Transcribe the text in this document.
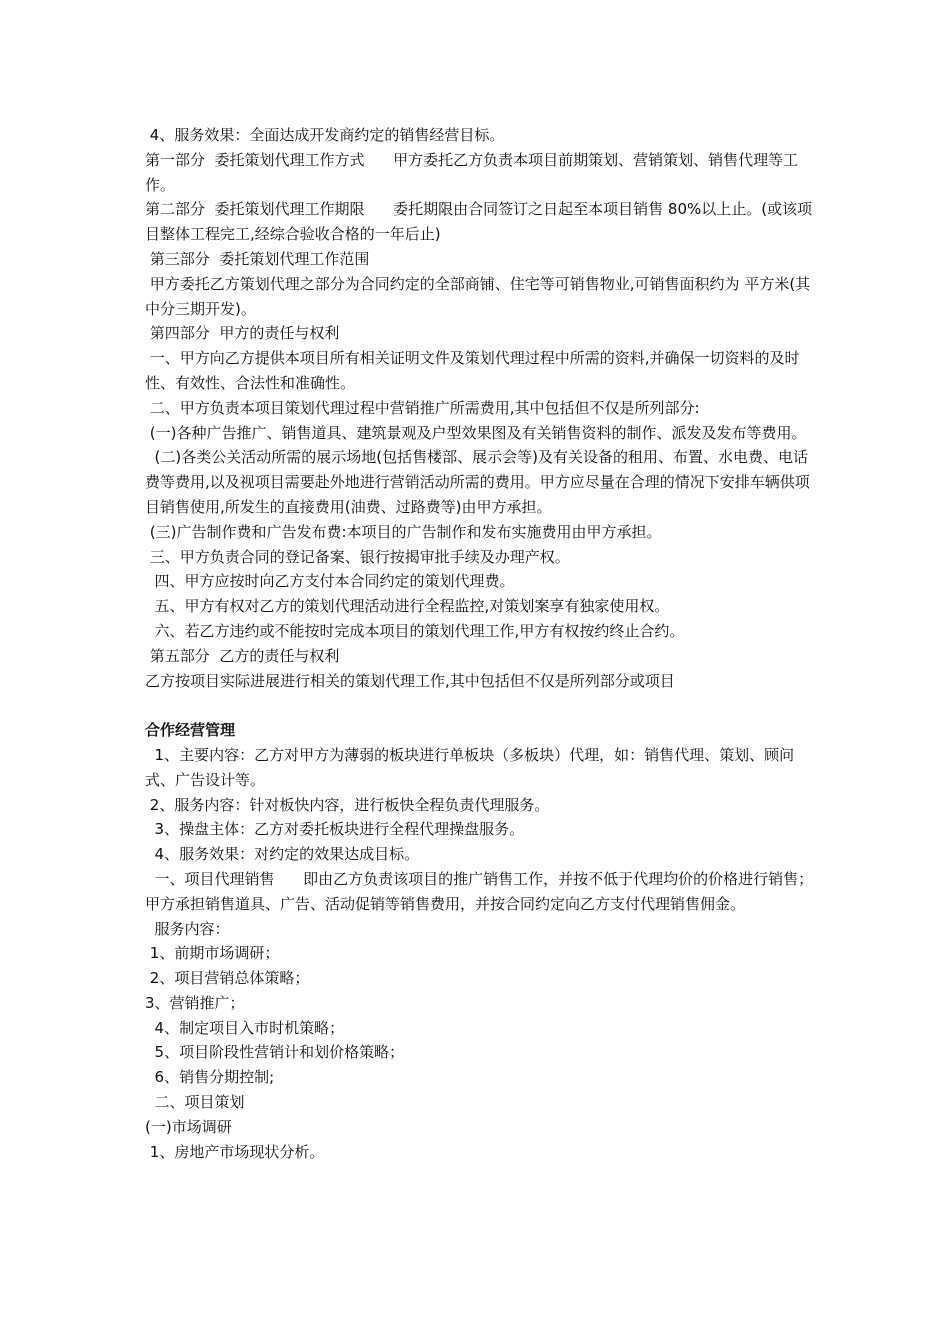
4、服务效果：全面达成开发商约定的销售经营目标。

第一部分  委托策划代理工作方式      甲方委托乙方负责本项目前期策划、营销策划、销售代理等工作。

第二部分  委托策划代理工作期限      委托期限由合同签订之日起至本项目销售 80%以上止。(或该项目整体工程完工,经综合验收合格的一年后止)

第三部分  委托策划代理工作范围

甲方委托乙方策划代理之部分为合同约定的全部商铺、住宅等可销售物业,可销售面积约为 平方米(其中分三期开发)。

第四部分  甲方的责任与权利

一、甲方向乙方提供本项目所有相关证明文件及策划代理过程中所需的资料,并确保一切资料的及时性、有效性、合法性和准确性。

二、甲方负责本项目策划代理过程中营销推广所需费用,其中包括但不仅是所列部分:

(一)各种广告推广、销售道具、建筑景观及户型效果图及有关销售资料的制作、派发及发布等费用。

(二)各类公关活动所需的展示场地(包括售楼部、展示会等)及有关设备的租用、布置、水电费、电话费等费用,以及视项目需要赴外地进行营销活动所需的费用。甲方应尽量在合理的情况下安排车辆供项目销售使用,所发生的直接费用(油费、过路费等)由甲方承担。

(三)广告制作费和广告发布费:本项目的广告制作和发布实施费用由甲方承担。

三、甲方负责合同的登记备案、银行按揭审批手续及办理产权。

四、甲方应按时向乙方支付本合同约定的策划代理费。

五、甲方有权对乙方的策划代理活动进行全程监控,对策划案享有独家使用权。

六、若乙方违约或不能按时完成本项目的策划代理工作,甲方有权按约终止合约。

第五部分  乙方的责任与权利

乙方按项目实际进展进行相关的策划代理工作,其中包括但不仅是所列部分或项目

合作经营管理

1、主要内容：乙方对甲方为薄弱的板块进行单板块（多板块）代理，如：销售代理、策划、顾问式、广告设计等。

2、服务内容：针对板快内容，进行板快全程负责代理服务。

3、操盘主体：乙方对委托板块进行全程代理操盘服务。

4、服务效果：对约定的效果达成目标。

一、项目代理销售      即由乙方负责该项目的推广销售工作，并按不低于代理均价的价格进行销售；甲方承担销售道具、广告、活动促销等销售费用，并按合同约定向乙方支付代理销售佣金。

服务内容：

1、前期市场调研；

2、项目营销总体策略；

3、营销推广；

4、制定项目入市时机策略；

5、项目阶段性营销计和划价格策略；

6、销售分期控制;

二、项目策划

(一)市场调研

1、房地产市场现状分析。
